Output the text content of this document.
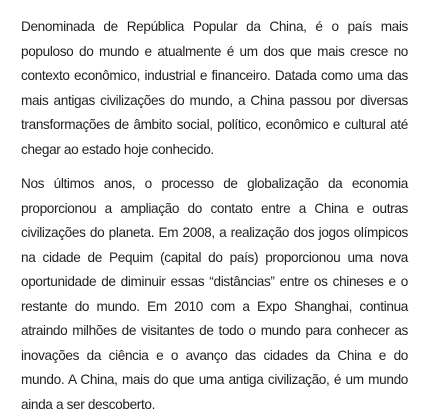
Denominada de República Popular da China, é o país mais populoso do mundo e atualmente é um dos que mais cresce no contexto econômico, industrial e financeiro. Datada como uma das mais antigas civilizações do mundo, a China passou por diversas transformações de âmbito social, político, econômico e cultural até chegar ao estado hoje conhecido.

Nos últimos anos, o processo de globalização da economia proporcionou a ampliação do contato entre a China e outras civilizações do planeta. Em 2008, a realização dos jogos olímpicos na cidade de Pequim (capital do país) proporcionou uma nova oportunidade de diminuir essas “distâncias” entre os chineses e o restante do mundo. Em 2010 com a Expo Shanghai, continua atraindo milhões de visitantes de todo o mundo para conhecer as inovações da ciência e o avanço das cidades da China e do mundo. A China, mais do que uma antiga civilização, é um mundo ainda a ser descoberto.
